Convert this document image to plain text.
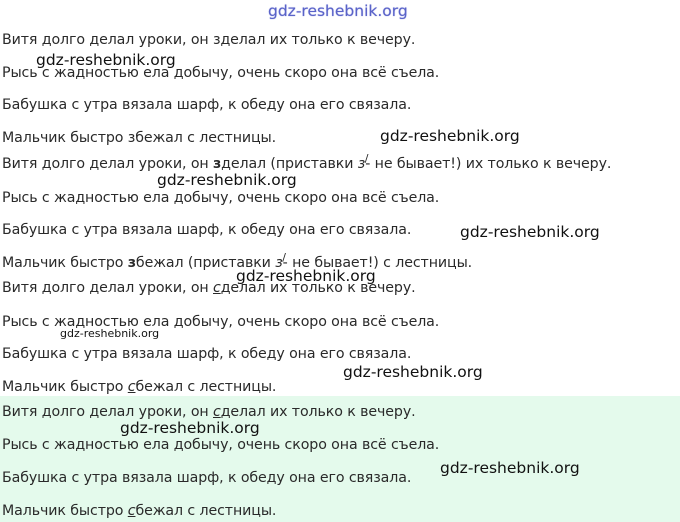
gdz-reshebnik.org
Витя долго делал уроки, он зделал их только к вечеру.
Рысь с жадностью ела добычу, очень скоро она всё съела.
Бабушка с утра вязала шарф, к обеду она его связала.
Мальчик быстро збежал с лестницы.
Витя долго делал уроки, он зделал (приставки з /- не бывает!) их только к вечеру.
Рысь с жадностью ела добычу, очень скоро она всё съела.
Бабушка с утра вязала шарф, к обеду она его связала.
Мальчик быстро збежал (приставки з /- не бывает!) с лестницы.
Витя долго делал уроки, он сделал их только к вечеру.
Рысь с жадностью ела добычу, очень скоро она всё съела.
Бабушка с утра вязала шарф, к обеду она его связала.
Мальчик быстро сбежал с лестницы.
Витя долго делал уроки, он сделал их только к вечеру.
Рысь с жадностью ела добычу, очень скоро она всё съела.
Бабушка с утра вязала шарф, к обеду она его связала.
Мальчик быстро сбежал с лестницы.
gdz-reshebnik.org
gdz-reshebnik.org
gdz-reshebnik.org
gdz-reshebnik.org
gdz-reshebnik.org
gdz-reshebnik.org
gdz-reshebnik.org
gdz-reshebnik.org
gdz-reshebnik.org
